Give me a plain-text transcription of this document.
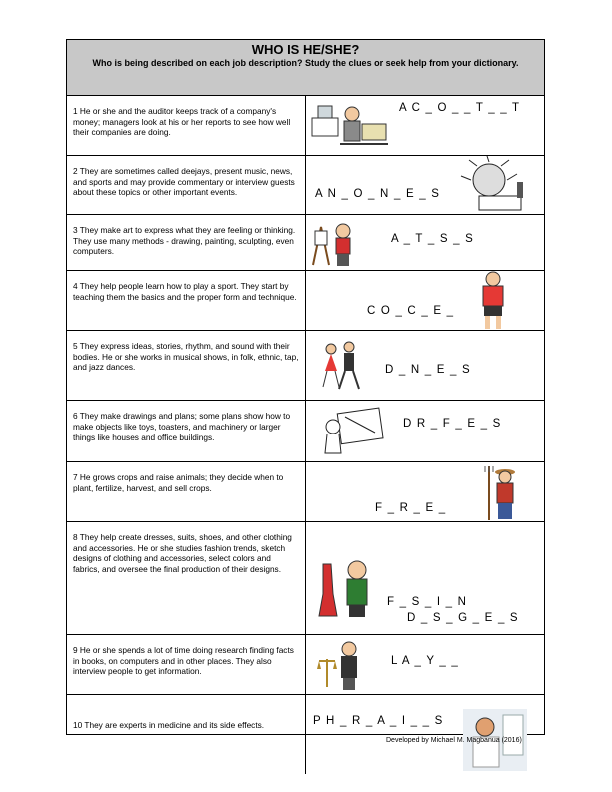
WHO IS HE/SHE?
Who is being described on each job description? Study the clues or seek help from your dictionary.
1 He or she and the auditor keeps track of a company's money; managers look at his or her reports to see how well their companies are doing.
A C _ O _ _ T _ _ T
2 They are sometimes called deejays, present music, news, and sports and may provide commentary or interview guests about these topics or other important events.	A N _ O _ N _ E _ S
3 They make art to express what they are feeling or thinking. They use many methods - drawing, painting, sculpting, even computers.
A _ T _ S _ S
4 They help people learn how to play a sport. They start by teaching them the basics and the proper form and technique.
C O _ C _ E _
5 They express ideas, stories, rhythm, and sound with their bodies. He or she works in musical shows, in folk, ethnic, tap, and jazz dances.	D _ N _ E _ S
6 They make drawings and plans; some plans show how to make objects like toys, toasters, and machinery or larger things like houses and office buildings.
D R _ F _ E _ S
7 He grows crops and raise animals; they decide when to plant, fertilize, harvest, and sell crops.
F _ R _ E _
8 They help create dresses, suits, shoes, and other clothing and accessories. He or she studies fashion trends, sketch designs of clothing and accessories, select colors and fabrics, and oversee the final production of their designs.
F _ S _ I _ N
D _ S _ G _ E _ S
9 He or she spends a lot of time doing research finding facts in books, on computers and in other places. They also interview people to get information.
L A _ Y _ _
10 They are experts in medicine and its side effects.	P H _ R _ A _ I _ _ S
Developed by Michael M. Magbanua (2016)
